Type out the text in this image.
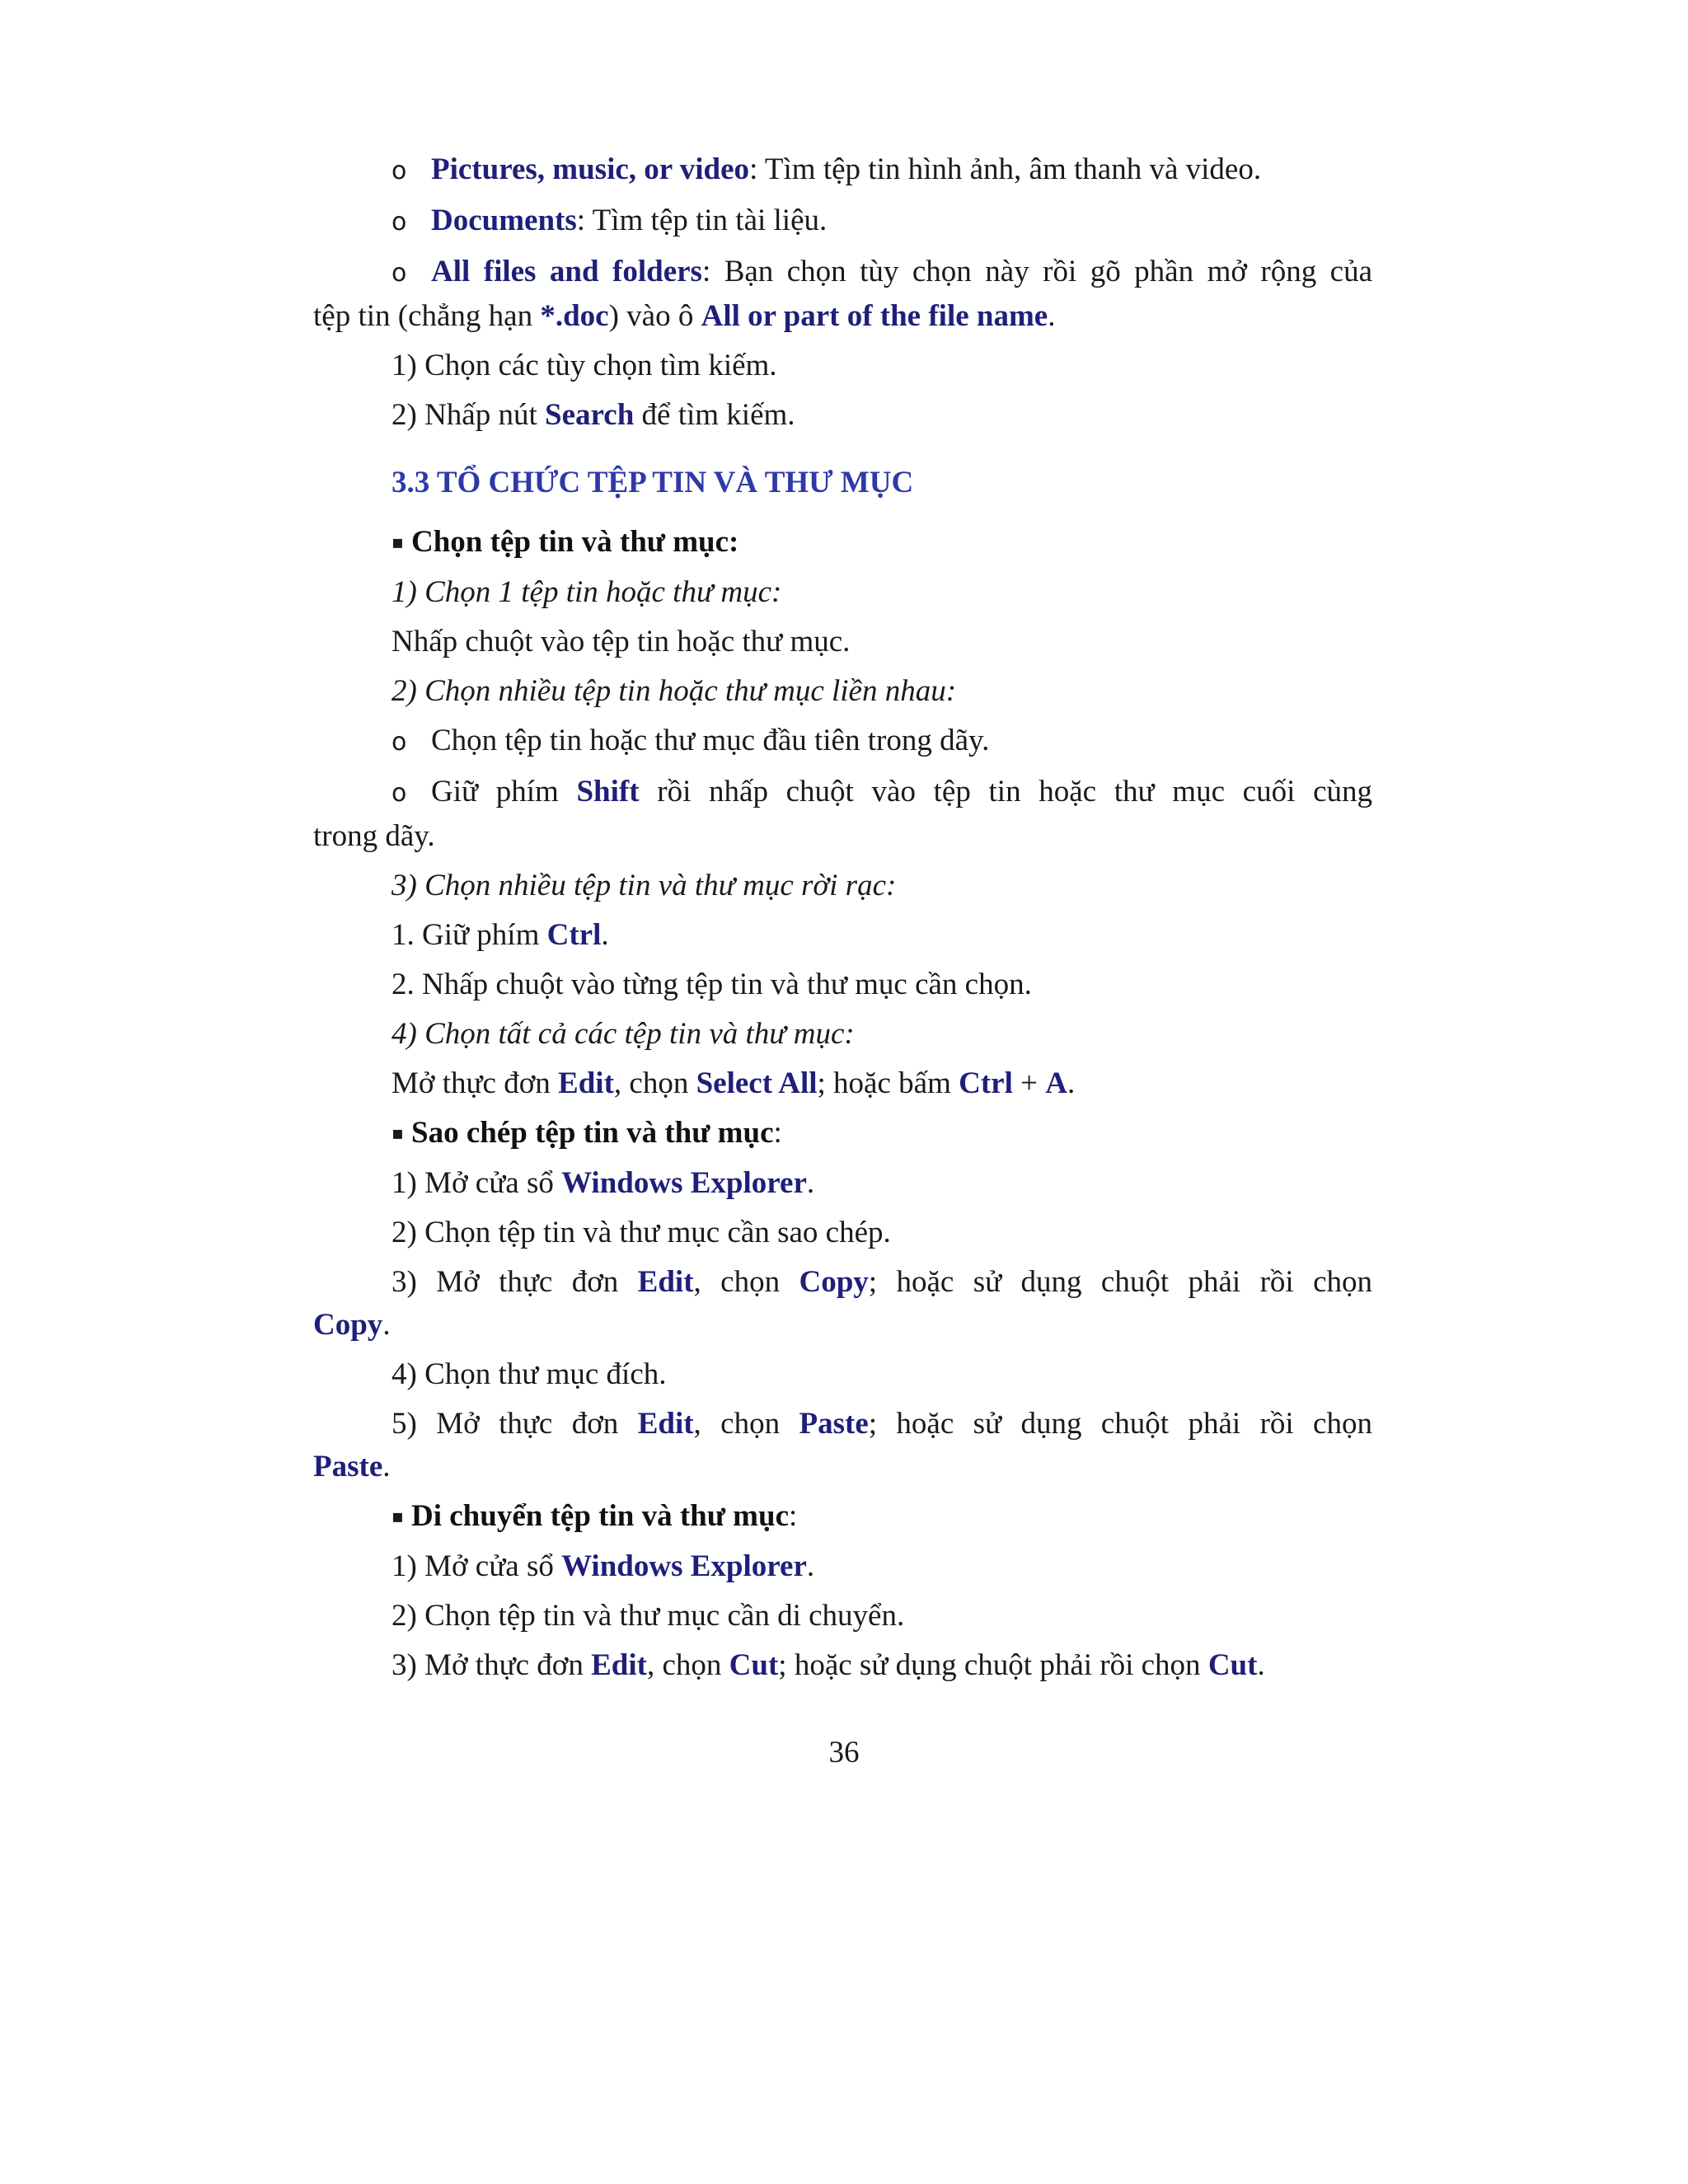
o Pictures, music, or video: Tìm tệp tin hình ảnh, âm thanh và video.

o Documents: Tìm tệp tin tài liệu.

o All files and folders: Bạn chọn tùy chọn này rồi gõ phần mở rộng của

tệp tin (chẳng hạn *.doc) vào ô All or part of the file name.

1) Chọn các tùy chọn tìm kiếm.

2) Nhấp nút Search để tìm kiếm.

3.3 TỔ CHỨC TỆP TIN VÀ THƯ MỤC

▪ Chọn tệp tin và thư mục:

1) Chọn 1 tệp tin hoặc thư mục:

Nhấp chuột vào tệp tin hoặc thư mục.

2) Chọn nhiều tệp tin hoặc thư mục liền nhau:

o Chọn tệp tin hoặc thư mục đầu tiên trong dãy.

o Giữ phím Shift rồi nhấp chuột vào tệp tin hoặc thư mục cuối cùng

trong dãy.

3) Chọn nhiều tệp tin và thư mục rời rạc:

1. Giữ phím Ctrl.

2. Nhấp chuột vào từng tệp tin và thư mục cần chọn.

4) Chọn tất cả các tệp tin và thư mục:

Mở thực đơn Edit, chọn Select All; hoặc bấm Ctrl + A.

▪ Sao chép tệp tin và thư mục:

1) Mở cửa sổ Windows Explorer.

2) Chọn tệp tin và thư mục cần sao chép.

3) Mở thực đơn Edit, chọn Copy; hoặc sử dụng chuột phải rồi chọn

Copy.

4) Chọn thư mục đích.

5) Mở thực đơn Edit, chọn Paste; hoặc sử dụng chuột phải rồi chọn

Paste.

▪ Di chuyển tệp tin và thư mục:

1) Mở cửa sổ Windows Explorer.

2) Chọn tệp tin và thư mục cần di chuyển.

3) Mở thực đơn Edit, chọn Cut; hoặc sử dụng chuột phải rồi chọn Cut.

36
